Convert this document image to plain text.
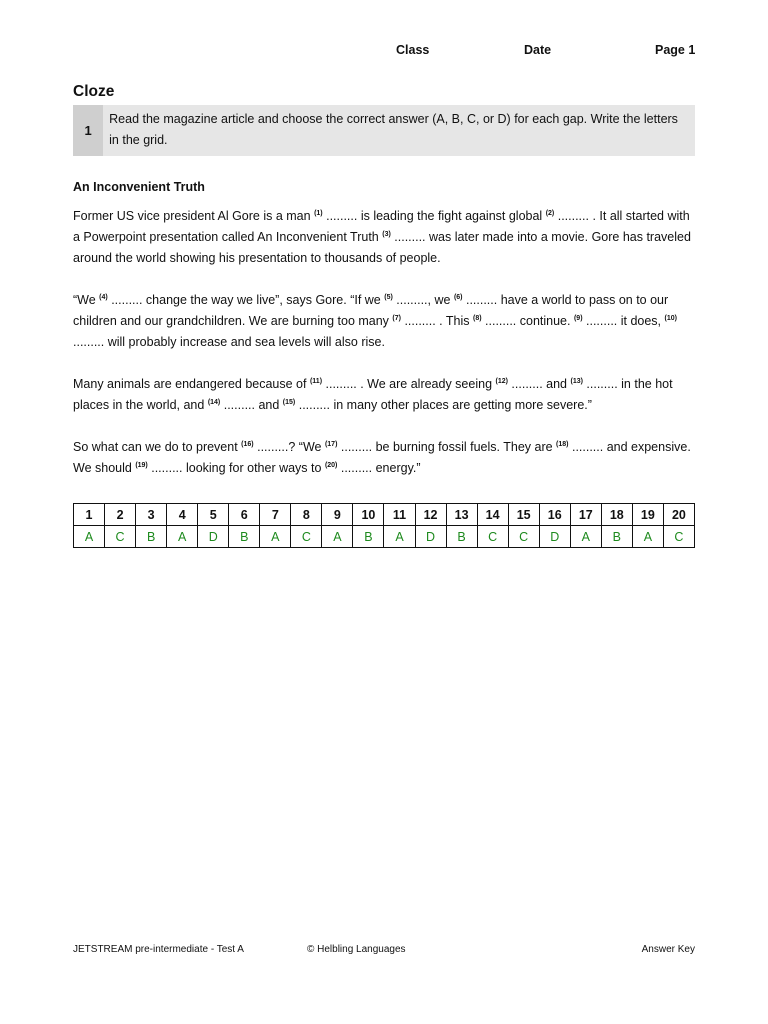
Class	Date	Page 1
Cloze
1
Read the magazine article and choose the correct answer (A, B, C, or D) for each gap. Write the letters in the grid.
An Inconvenient Truth

Former US vice president Al Gore is a man $^{(1)}$ ......... is leading the fight against global $^{(2)}$ ......... . It all started with a Powerpoint presentation called An Inconvenient Truth $^{(3)}$ ......... was later made into a movie. Gore has traveled around the world showing his presentation to thousands of people.

“We $^{(4)}$ ......... change the way we live”, says Gore. “If we $^{(5)}$ ........., we $^{(6)}$ ......... have a world to pass on to our children and our grandchildren. We are burning too many $^{(7)}$ ......... . This $^{(8)}$ ......... continue. $^{(9)}$ ......... it does, $^{(10)}$ ......... will probably increase and sea levels will also rise.

Many animals are endangered because of $^{(11)}$ ......... . We are already seeing $^{(12)}$ ......... and $^{(13)}$ ......... in the hot places in the world, and $^{(14)}$ ......... and $^{(15)}$ ......... in many other places are getting more severe.”

So what can we do to prevent $^{(16)}$ .........? “We $^{(17)}$ ......... be burning fossil fuels. They are $^{(18)}$ ......... and expensive. We should $^{(19)}$ ......... looking for other ways to $^{(20)}$ ......... energy.”

1	2	3	4	5	6	7	8	9	10	11	12	13	14	15	16	17	18	19	20
A	C	B	A	D	B	A	C	A	B	A	D	B	C	C	D	A	B	A	C
JETSTREAM pre-intermediate - Test A	© Helbling Languages	Answer Key
